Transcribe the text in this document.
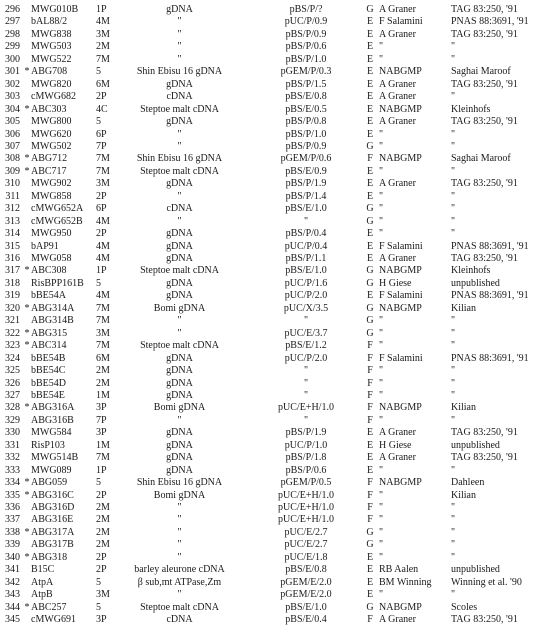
296 MWG010B	1P	gDNA	pBS/P/?	G A Graner	TAG 83:250, '91
297 bAL88/2	4M	"	pUC/P/0.9	E F Salamini	PNAS 88:3691, '91
298 MWG838	3M	"	pBS/P/0.9	E A Graner	TAG 83:250, '91
299 MWG503	2M	"	pBS/P/0.6	E "	"
300 MWG522	7M	"	pBS/P/1.0	E "	"
301 * ABG708	5	Shin Ebisu 16 gDNA	pGEM/P/0.3	E NABGMP	Saghai Maroof
302 MWG820	6M	gDNA	pBS/P/1.5	E A Graner	TAG 83:250, '91
303 cMWG682	2P	cDNA	pBS/E/0.8	E A Graner	"
304 * ABC303	4C	Steptoe malt cDNA	pBS/E/0.5	E NABGMP	Kleinhofs
305 MWG800	5	gDNA	pBS/P/0.8	E A Graner	TAG 83:250, '91
306 MWG620	6P	"	pBS/P/1.0	E "	"
307 MWG502	7P	"	pBS/P/0.9	G "	"
308 * ABG712	7M	Shin Ebisu 16 gDNA	pGEM/P/0.6	F NABGMP	Saghai Maroof
309 * ABC717	7M	Steptoe malt cDNA	pBS/E/0.9	E "	"
310 MWG902	3M	gDNA	pBS/P/1.9	E A Graner	TAG 83:250, '91
311 MWG858	2P	"	pBS/P/1.4	E "	"
312 cMWG652A	6P	cDNA	pBS/E/1.0	G "	"
313 cMWG652B	4M	"	"	G "	"
314 MWG950	2P	gDNA	pBS/P/0.4	E "	"
315 bAP91	4M	gDNA	pUC/P/0.4	E F Salamini	PNAS 88:3691, '91
316 MWG058	4M	gDNA	pBS/P/1.1	E A Graner	TAG 83:250, '91
317 * ABC308	1P	Steptoe malt cDNA	pBS/E/1.0	G NABGMP	Kleinhofs
318 RisBPP161B	5	gDNA	pUC/P/1.6	G H Giese	unpublished
319 bBE54A	4M	gDNA	pUC/P/2.0	E F Salamini	PNAS 88:3691, '91
320 * ABG314A	7M	Bomi gDNA	pUC/X/3.5	G NABGMP	Kilian
321 ABG314B	7M	"	"	G "	"
322 * ABG315	3M	"	pUC/E/3.7	G "	"
323 * ABC314	7M	Steptoe malt cDNA	pBS/E/1.2	F "	"
324 bBE54B	6M	gDNA	pUC/P/2.0	F F Salamini	PNAS 88:3691, '91
325 bBE54C	2M	gDNA	"	F "	"
326 bBE54D	2M	gDNA	"	F "	"
327 bBE54E	1M	gDNA	"	F "	"
328 * ABG316A	3P	Bomi gDNA	pUC/E+H/1.0	F NABGMP	Kilian
329 ABG316B	7P	"	"	F "	"
330 MWG584	3P	gDNA	pBS/P/1.9	E A Graner	TAG 83:250, '91
331 RisP103	1M	gDNA	pUC/P/1.0	E H Giese	unpublished
332 MWG514B	7M	gDNA	pBS/P/1.8	E A Graner	TAG 83:250, '91
333 MWG089	1P	gDNA	pBS/P/0.6	E "	"
334 * ABG059	5	Shin Ebisu 16 gDNA	pGEM/P/0.5	F NABGMP	Dahleen
335 * ABG316C	2P	Bomi gDNA	pUC/E+H/1.0	F "	Kilian
336 ABG316D	2M	"	pUC/E+H/1.0	F "	"
337 ABG316E	2M	"	pUC/E+H/1.0	F "	"
338 * ABG317A	2M	"	pUC/E/2.7	G "	"
339 ABG317B	2M	"	pUC/E/2.7	G "	"
340 * ABG318	2P	"	pUC/E/1.8	E "	"
341 B15C	2P	barley aleurone cDNA	pBS/E/0.8	E RB Aalen	unpublished
342 AtpA	5	β sub,mt ATPase,Zm	pGEM/E/2.0	E BM Winning	Winning et al. '90
343 AtpB	3M	"	pGEM/E/2.0	E "	"
344 * ABC257	5	Steptoe malt cDNA	pBS/E/1.0	G NABGMP	Scoles
345 cMWG691	3P	cDNA	pBS/E/0.4	F A Graner	TAG 83:250, '91
